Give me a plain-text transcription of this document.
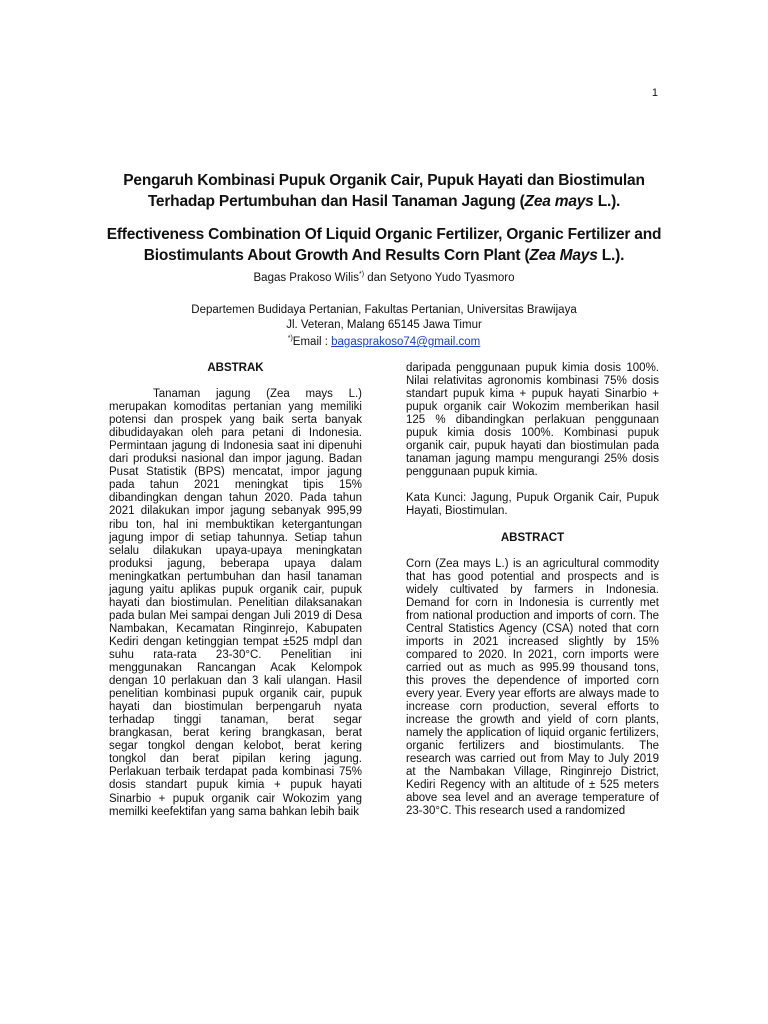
1

Pengaruh Kombinasi Pupuk Organik Cair, Pupuk Hayati dan Biostimulan
Terhadap Pertumbuhan dan Hasil Tanaman Jagung (Zea mays L.).

Effectiveness Combination Of Liquid Organic Fertilizer, Organic Fertilizer and
Biostimulants About Growth And Results Corn Plant (Zea Mays L.).

Bagas Prakoso Wilis*) dan Setyono Yudo Tyasmoro
Departemen Budidaya Pertanian, Fakultas Pertanian, Universitas Brawijaya
Jl. Veteran, Malang 65145 Jawa Timur
*)Email : bagasprakoso74@gmail.com
ABSTRAK
Tanaman jagung (Zea mays L.) merupakan komoditas pertanian yang memiliki potensi dan prospek yang baik serta banyak dibudidayakan oleh para petani di Indonesia. Permintaan jagung di Indonesia saat ini dipenuhi dari produksi nasional dan impor jagung. Badan Pusat Statistik (BPS) mencatat, impor jagung pada tahun 2021 meningkat tipis 15% dibandingkan dengan tahun 2020. Pada tahun 2021 dilakukan impor jagung sebanyak 995,99 ribu ton, hal ini membuktikan ketergantungan jagung impor di setiap tahunnya. Setiap tahun selalu dilakukan upaya-upaya meningkatan produksi jagung, beberapa upaya dalam meningkatkan pertumbuhan dan hasil tanaman jagung yaitu aplikas pupuk organik cair, pupuk hayati dan biostimulan. Penelitian dilaksanakan pada bulan Mei sampai dengan Juli 2019 di Desa Nambakan, Kecamatan Ringinrejo, Kabupaten Kediri dengan ketinggian tempat ±525 mdpl dan suhu rata-rata 23-30°C. Penelitian ini menggunakan Rancangan Acak Kelompok dengan 10 perlakuan dan 3 kali ulangan. Hasil penelitian kombinasi pupuk organik cair, pupuk hayati dan biostimulan berpengaruh nyata terhadap tinggi tanaman, berat segar brangkasan, berat kering brangkasan, berat segar tongkol dengan kelobot, berat kering tongkol dan berat pipilan kering jagung. Perlakuan terbaik terdapat pada kombinasi 75% dosis standart pupuk kimia + pupuk hayati Sinarbio + pupuk organik cair Wokozim yang memilki keefektifan yang sama bahkan lebih baik
daripada penggunaan pupuk kimia dosis 100%. Nilai relativitas agronomis kombinasi 75% dosis standart pupuk kima + pupuk hayati Sinarbio + pupuk organik cair Wokozim memberikan hasil 125 % dibandingkan perlakuan penggunaan pupuk kimia dosis 100%. Kombinasi pupuk organik cair, pupuk hayati dan biostimulan pada tanaman jagung mampu mengurangi 25% dosis penggunaan pupuk kimia.
Kata Kunci: Jagung, Pupuk Organik Cair, Pupuk Hayati, Biostimulan.
ABSTRACT
Corn (Zea mays L.) is an agricultural commodity that has good potential and prospects and is widely cultivated by farmers in Indonesia. Demand for corn in Indonesia is currently met from national production and imports of corn. The Central Statistics Agency (CSA) noted that corn imports in 2021 increased slightly by 15% compared to 2020. In 2021, corn imports were carried out as much as 995.99 thousand tons, this proves the dependence of imported corn every year. Every year efforts are always made to increase corn production, several efforts to increase the growth and yield of corn plants, namely the application of liquid organic fertilizers, organic fertilizers and biostimulants. The research was carried out from May to July 2019 at the Nambakan Village, Ringinrejo District, Kediri Regency with an altitude of ± 525 meters above sea level and an average temperature of 23-30°C. This research used a randomized
